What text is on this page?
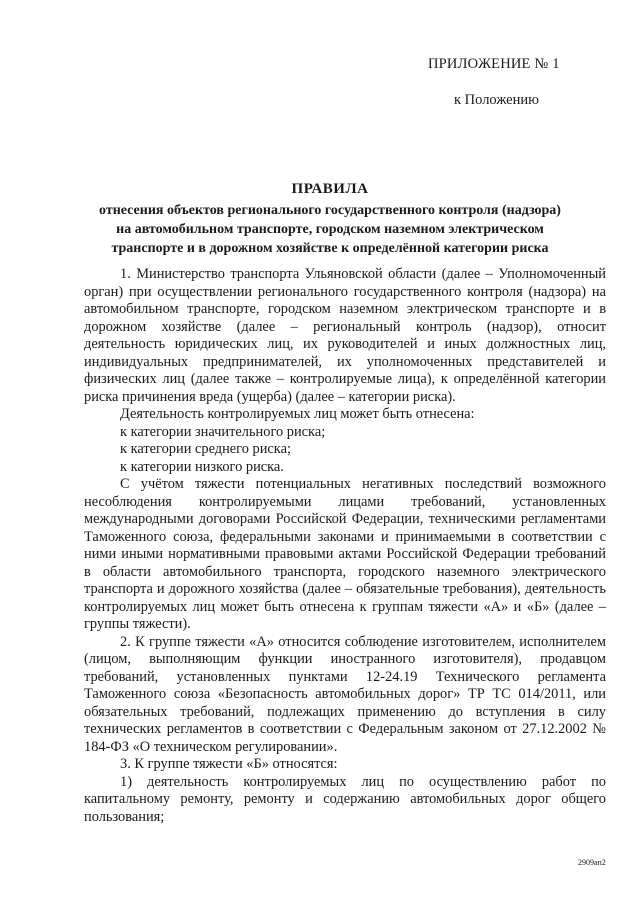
ПРИЛОЖЕНИЕ № 1
к Положению
ПРАВИЛА
отнесения объектов регионального государственного контроля (надзора)
на автомобильном транспорте, городском наземном электрическом
транспорте и в дорожном хозяйстве к определённой категории риска

1. Министерство транспорта Ульяновской области (далее – Уполномоченный орган) при осуществлении регионального государственного контроля (надзора) на автомобильном транспорте, городском наземном электрическом транспорте и в дорожном хозяйстве (далее – региональный контроль (надзор), относит деятельность юридических лиц, их руководителей и иных должностных лиц, индивидуальных предпринимателей, их уполномоченных представителей и физических лиц (далее также – контролируемые лица), к определённой категории риска причинения вреда (ущерба) (далее – категории риска).

Деятельность контролируемых лиц может быть отнесена:

к категории значительного риска;

к категории среднего риска;

к категории низкого риска.

С учётом тяжести потенциальных негативных последствий возможного несоблюдения контролируемыми лицами требований, установленных международными договорами Российской Федерации, техническими регламентами Таможенного союза, федеральными законами и принимаемыми в соответствии с ними иными нормативными правовыми актами Российской Федерации требований в области автомобильного транспорта, городского наземного электрического транспорта и дорожного хозяйства (далее – обязательные требования), деятельность контролируемых лиц может быть отнесена к группам тяжести «А» и «Б» (далее – группы тяжести).

2. К группе тяжести «А» относится соблюдение изготовителем, исполнителем (лицом, выполняющим функции иностранного изготовителя), продавцом требований, установленных пунктами 12-24.19 Технического регламента Таможенного союза «Безопасность автомобильных дорог» ТР ТС 014/2011, или обязательных требований, подлежащих применению до вступления в силу технических регламентов в соответствии с Федеральным законом от 27.12.2002 № 184-ФЗ «О техническом регулировании».

3. К группе тяжести «Б» относятся:

1) деятельность контролируемых лиц по осуществлению работ по капитальному ремонту, ремонту и содержанию автомобильных дорог общего пользования;

2909ап2
